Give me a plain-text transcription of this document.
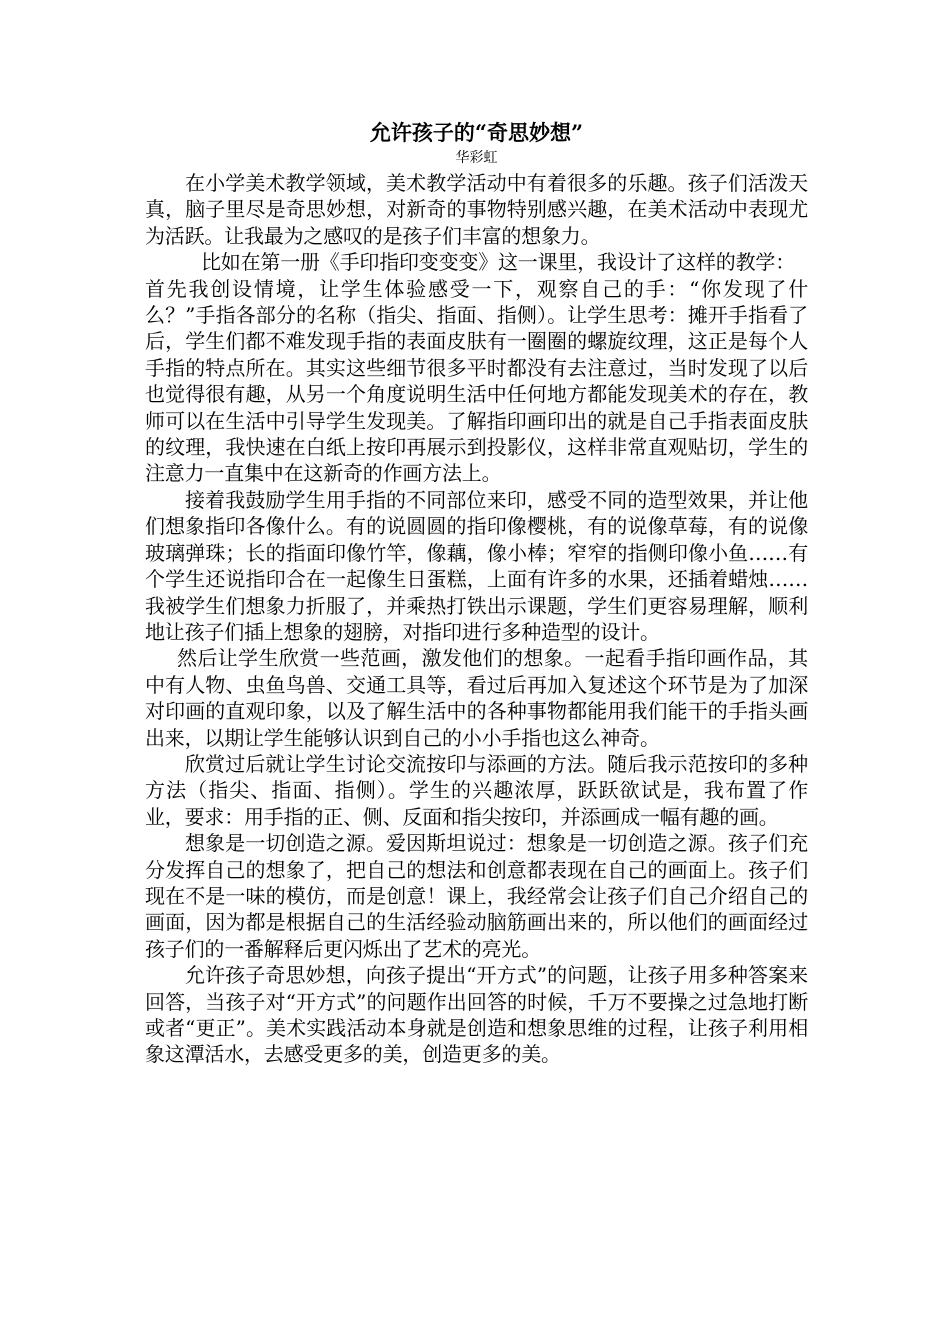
允许孩子的“奇思妙想”
华彩虹

在小学美术教学领域，美术教学活动中有着很多的乐趣。孩子们活泼天真，脑子里尽是奇思妙想，对新奇的事物特别感兴趣，在美术活动中表现尤为活跃。让我最为之感叹的是孩子们丰富的想象力。

比如在第一册《手印指印变变变》这一课里，我设计了这样的教学：

首先我创设情境，让学生体验感受一下，观察自己的手：“你发现了什么？”手指各部分的名称（指尖、指面、指侧）。让学生思考：摊开手指看了后，学生们都不难发现手指的表面皮肤有一圈圈的螺旋纹理，这正是每个人手指的特点所在。其实这些细节很多平时都没有去注意过，当时发现了以后也觉得很有趣，从另一个角度说明生活中任何地方都能发现美术的存在，教师可以在生活中引导学生发现美。了解指印画印出的就是自己手指表面皮肤的纹理，我快速在白纸上按印再展示到投影仪，这样非常直观贴切，学生的注意力一直集中在这新奇的作画方法上。

接着我鼓励学生用手指的不同部位来印，感受不同的造型效果，并让他们想象指印各像什么。有的说圆圆的指印像樱桃，有的说像草莓，有的说像玻璃弹珠；长的指面印像竹竿，像藕，像小棒；窄窄的指侧印像小鱼……有个学生还说指印合在一起像生日蛋糕，上面有许多的水果，还插着蜡烛……我被学生们想象力折服了，并乘热打铁出示课题，学生们更容易理解，顺利地让孩子们插上想象的翅膀，对指印进行多种造型的设计。

然后让学生欣赏一些范画，激发他们的想象。一起看手指印画作品，其中有人物、虫鱼鸟兽、交通工具等，看过后再加入复述这个环节是为了加深对印画的直观印象，以及了解生活中的各种事物都能用我们能干的手指头画出来，以期让学生能够认识到自己的小小手指也这么神奇。

欣赏过后就让学生讨论交流按印与添画的方法。随后我示范按印的多种方法（指尖、指面、指侧）。学生的兴趣浓厚，跃跃欲试是，我布置了作业，要求：用手指的正、侧、反面和指尖按印，并添画成一幅有趣的画。

想象是一切创造之源。爱因斯坦说过：想象是一切创造之源。孩子们充分发挥自己的想象了，把自己的想法和创意都表现在自己的画面上。孩子们现在不是一味的模仿，而是创意！课上，我经常会让孩子们自己介绍自己的画面，因为都是根据自己的生活经验动脑筋画出来的，所以他们的画面经过孩子们的一番解释后更闪烁出了艺术的亮光。

允许孩子奇思妙想，向孩子提出“开方式”的问题，让孩子用多种答案来回答，当孩子对“开方式”的问题作出回答的时候，千万不要操之过急地打断或者“更正”。美术实践活动本身就是创造和想象思维的过程，让孩子利用相象这潭活水，去感受更多的美，创造更多的美。
